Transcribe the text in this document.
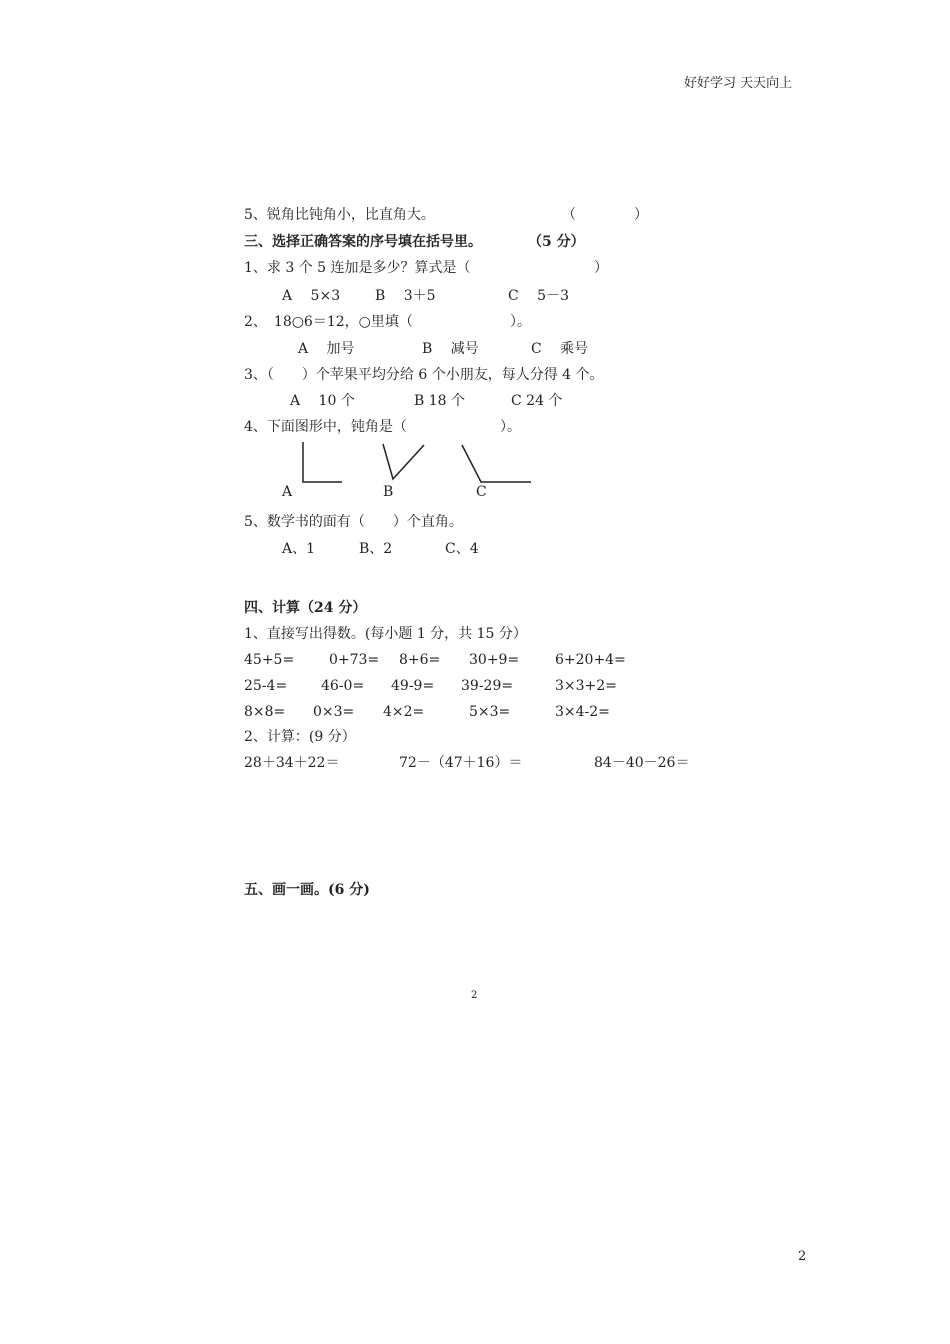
好好学习 天天向上
5、锐角比钝角小，比直角大。	（	）
三、选择正确答案的序号填在括号里。	（5 分）
1、求 3 个 5 连加是多少？算式是（	）
A　 5×3 B　 3＋5	C　 5－3
2、　18○6＝12，○里填（	）。
A　 加号	B　 减号	C　 乘号
3、（　　）个苹果平均分给 6 个小朋友，每人分得 4 个。
A　 10 个	B 18 个	C 24 个
4、下面图形中，钝角是（	）。
A	B	C
5、数学书的面有（　　）个直角。
A、1	B、2	C、4
四、计算（24 分）
1、直接写出得数。(每小题 1 分，共 15 分）
45+5= 0+73= 8+6= 30+9=	6+20+4=
25-4= 46-0= 49-9= 39-29=	3×3+2=
8×8= 0×3= 4×2=	5×3=	3×4-2=
2、计算：(9 分）
28＋34＋22＝	72－（47＋16）＝	84－40－26＝
五、画一画。(6 分)
2
2
